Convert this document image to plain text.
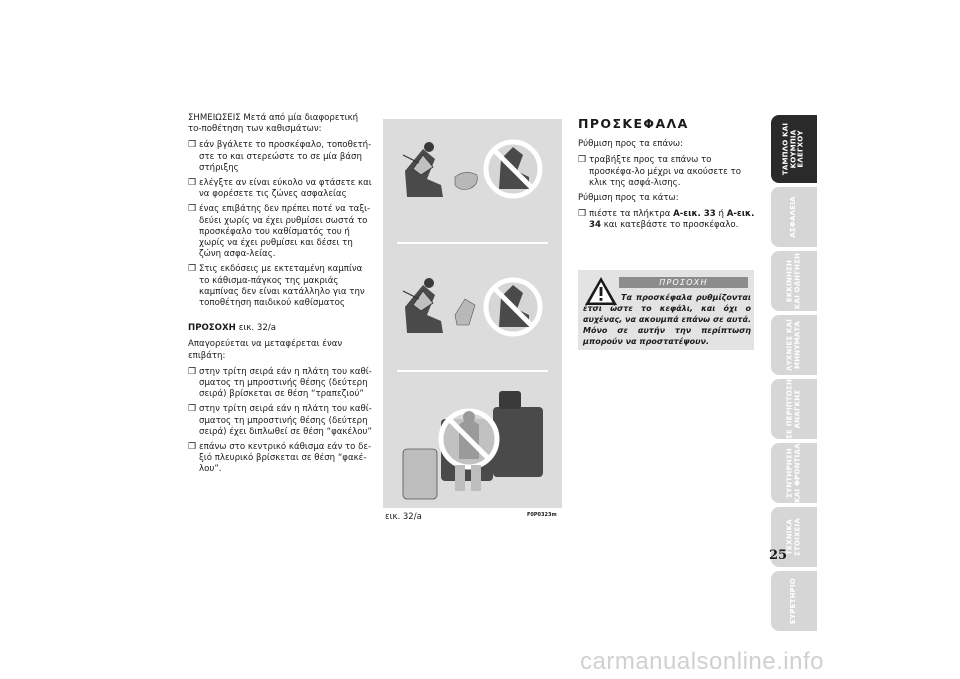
ΣΗΜΕΙΩΣΕΙΣ Μετά από μία διαφορετική το-ποθέτηση των καθισμάτων:

❒ εάν βγάλετε το προσκέφαλο, τοποθετή-στε το και στερεώστε το σε μία βάση στήριξης
❒ ελέγξτε αν είναι εύκολο να φτάσετε και να φορέσετε τις ζώνες ασφαλείας
❒ ένας επιβάτης δεν πρέπει ποτέ να ταξι-δεύει χωρίς να έχει ρυθμίσει σωστά το προσκέφαλο του καθίσματός του ή χωρίς να έχει ρυθμίσει και δέσει τη ζώνη ασφα-λείας.
❒ Στις εκδόσεις με εκτεταμένη καμπίνα το κάθισμα-πάγκος της μακριάς καμπίνας δεν είναι κατάλληλο για την τοποθέτηση παιδικού καθίσματος
ΠΡΟΣΟΧΗ εικ. 32/a

Απαγορεύεται να μεταφέρεται έναν επιβάτη:

❒ στην τρίτη σειρά εάν η πλάτη του καθί-σματος τη μπροστινής θέσης (δεύτερη σειρά) βρίσκεται σε θέση “τραπεζιού”
❒ στην τρίτη σειρά εάν η πλάτη του καθί-σματος τη μπροστινής θέσης (δεύτερη σειρά) έχει διπλωθεί σε θέση “φακέλου”
❒ επάνω στο κεντρικό κάθισμα εάν το δε-ξιό πλευρικό βρίσκεται σε θέση “φακέ-λου”.
εικ. 32/a	F0P0323m
ΠΡΟΣΚΕΦΑΛΑ

Ρύθμιση προς τα επάνω:

❒ τραβήξτε προς τα επάνω το προσκέφα-λο μέχρι να ακούσετε το κλικ της ασφά-λισης.

Ρύθμιση προς τα κάτω:

❒ πιέστε τα πλήκτρα A-εικ. 33 ή A-εικ. 34 και κατεβάστε το προσκέφαλο.
ΠΡΟΣΟΧΗ
Τα προσκέφαλα ρυθμίζονται έτσι ώστε το κεφάλι, και όχι ο αυχένας, να ακουμπά επάνω σε αυτά. Μόνο σε αυτήν την περίπτωση μπορούν να προστατέψουν.
ΤΑΜΠΛΟ ΚΑΙ
ΚΟΥΜΠΙΑ
ΕΛΕΓΧΟΥ
ΑΣΦΑΛΕΙΑ
ΕΚΚΙΝΗΣΗ
ΚΑΙ ΟΔΗΓΗΣΗ
ΛΥΧΝΙΕΣ ΚΑΙ
ΜΗΝΥΜΑΤΑ
ΣΕ ΠΕΡΙΠΤΩΣΗ
ΑΝΑΓΚΗΣ
ΣΥΝΤΗΡΗΣΗ
ΚΑΙ ΦΡΟΝΤΙΔΑ
ΤΕΧΝΙΚΑ
ΣΤΟΙΧΕΙΑ
ΕΥΡΕΤΗΡΙΟ
25
carmanualsonline.info
